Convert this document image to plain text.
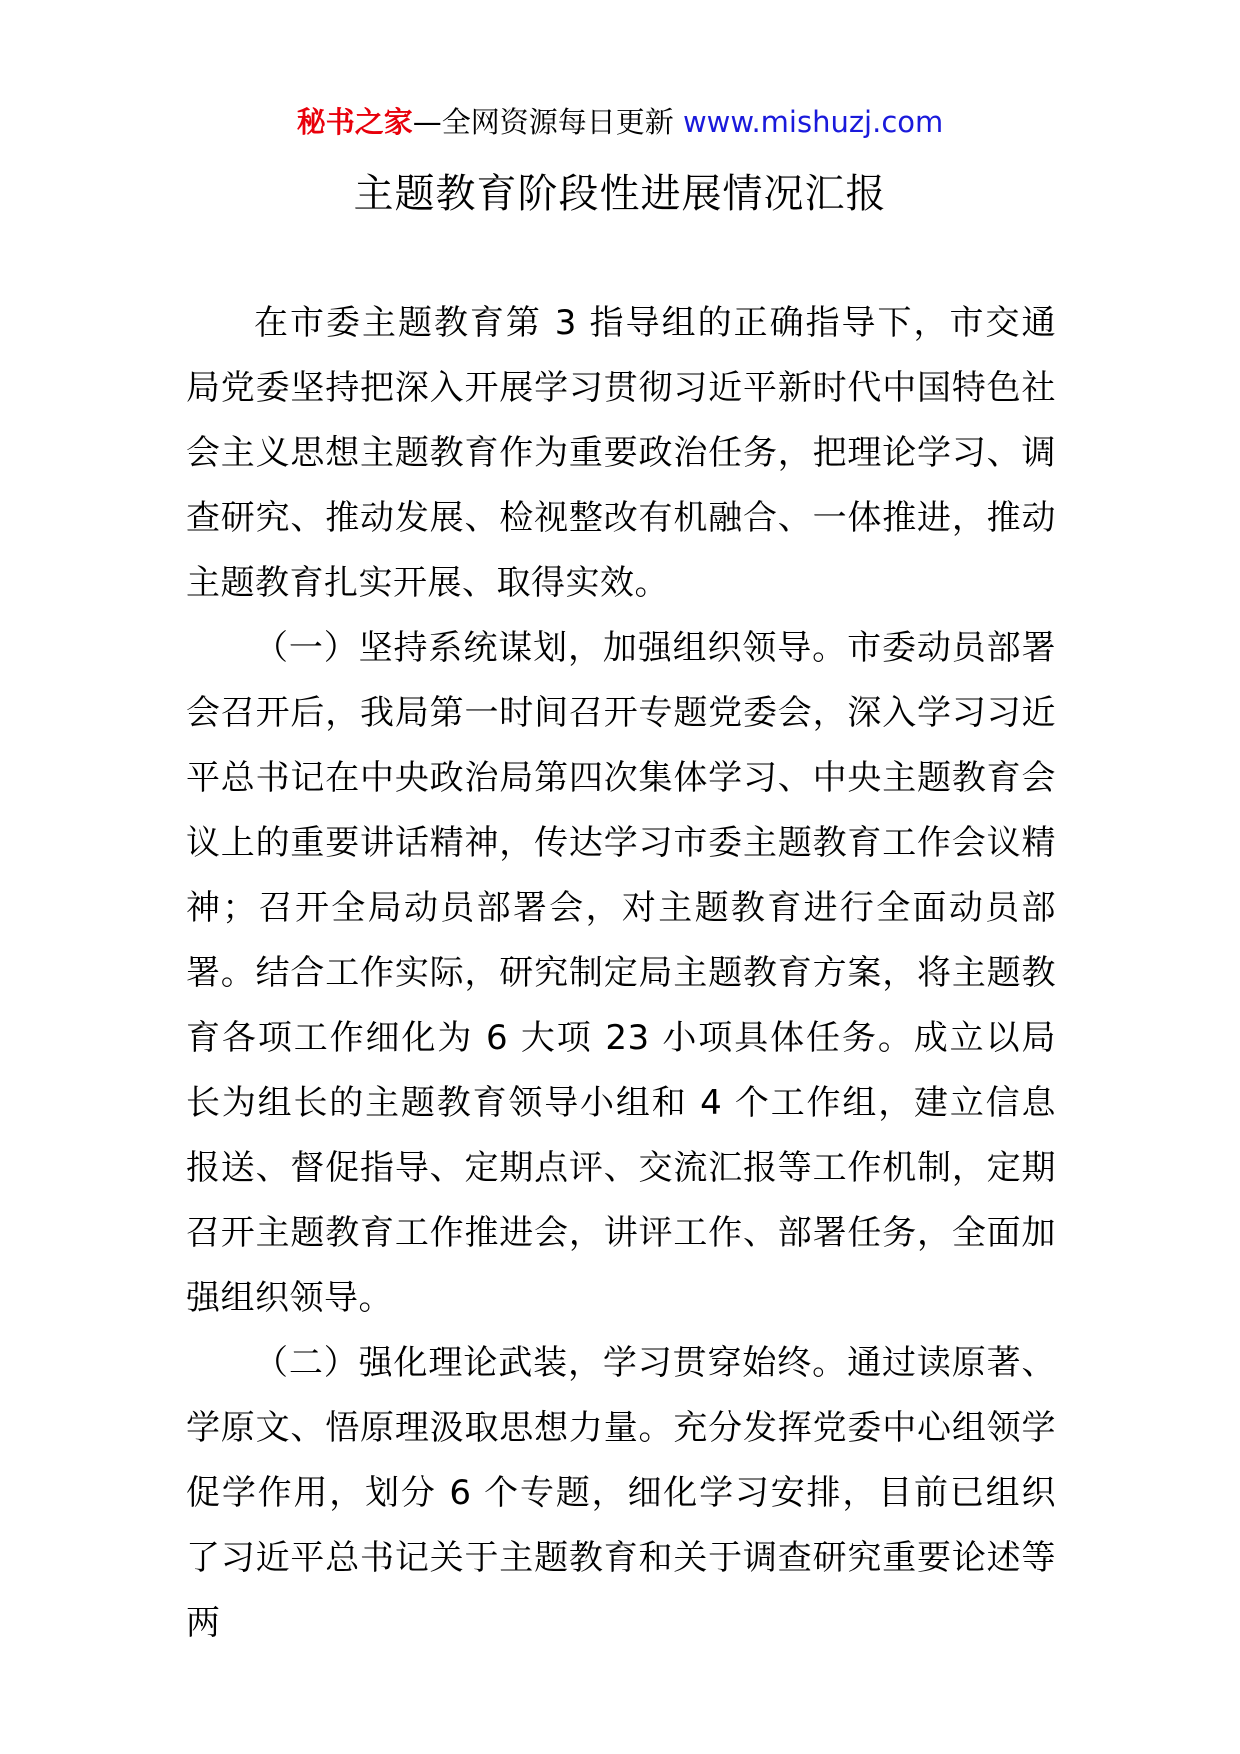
秘书之家—全网资源每日更新 www.mishuzj.com
主题教育阶段性进展情况汇报

在市委主题教育第 3 指导组的正确指导下，市交通局党委坚持把深入开展学习贯彻习近平新时代中国特色社会主义思想主题教育作为重要政治任务，把理论学习、调查研究、推动发展、检视整改有机融合、一体推进，推动主题教育扎实开展、取得实效。

（一）坚持系统谋划，加强组织领导。市委动员部署会召开后，我局第一时间召开专题党委会，深入学习习近平总书记在中央政治局第四次集体学习、中央主题教育会议上的重要讲话精神，传达学习市委主题教育工作会议精神；召开全局动员部署会，对主题教育进行全面动员部署。结合工作实际，研究制定局主题教育方案，将主题教育各项工作细化为 6 大项 23 小项具体任务。成立以局长为组长的主题教育领导小组和 4 个工作组，建立信息报送、督促指导、定期点评、交流汇报等工作机制，定期召开主题教育工作推进会，讲评工作、部署任务，全面加强组织领导。

（二）强化理论武装，学习贯穿始终。通过读原著、学原文、悟原理汲取思想力量。充分发挥党委中心组领学促学作用，划分 6 个专题，细化学习安排，目前已组织了习近平总书记关于主题教育和关于调查研究重要论述等两
